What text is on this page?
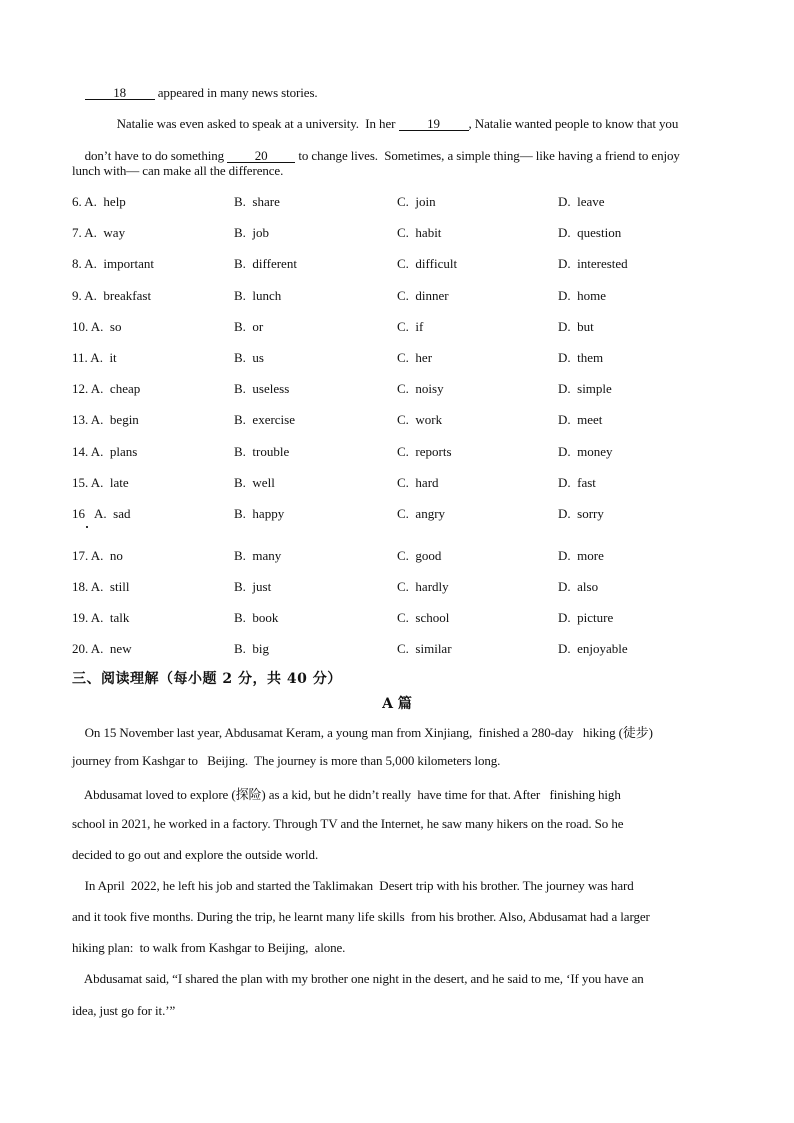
18 appeared in many news stories.

Natalie was even asked to speak at a university.  In her 19 , Natalie wanted people to know that you

don’t have to do something 20 to change lives.  Sometimes, a simple thing— like having a friend to enjoy

lunch with— can make all the difference.
6. A.  help	B.  share	C.  join	D.  leave
7. A.  way	B.  job	C.  habit	D.  question
8. A.  important	B.  different	C.  difficult	D.  interested
9. A.  breakfast	B.  lunch	C.  dinner	D.  home
10. A.  so	B.  or	C.  if	D.  but
11. A.  it	B.  us	C.  her	D.  them
12. A.  cheap	B.  useless	C.  noisy	D.  simple
13. A.  begin	B.  exercise	C.  work	D.  meet
14. A.  plans	B.  trouble	C.  reports	D.  money
15. A.  late	B.  well	C.  hard	D.  fast
16   A.  sad	B.  happy	C.  angry	D.  sorry
17. A.  no	B.  many	C.  good	D.  more
18. A.  still	B.  just	C.  hardly	D.  also
19. A.  talk	B.  book	C.  school	D.  picture
20. A.  new	B.  big	C.  similar	D.  enjoyable
三、阅读理解（每小题 2 分，共 40 分）
A 篇
On 15 November last year, Abdusamat Keram, a young man from Xinjiang,  finished a 280-day   hiking (徒步)
journey from Kashgar to   Beijing.  The journey is more than 5,000 kilometers long.
Abdusamat loved to explore (探险) as a kid, but he didn’t really  have time for that. After   finishing high
school in 2021, he worked in a factory. Through TV and the Internet, he saw many hikers on the road. So he
decided to go out and explore the outside world.
In April  2022, he left his job and started the Taklimakan  Desert trip with his brother. The journey was hard
and it took five months. During the trip, he learnt many life skills  from his brother. Also, Abdusamat had a larger
hiking plan:  to walk from Kashgar to Beijing,  alone.
Abdusamat said, “I shared the plan with my brother one night in the desert, and he said to me, ‘If you have an
idea, just go for it.’”
